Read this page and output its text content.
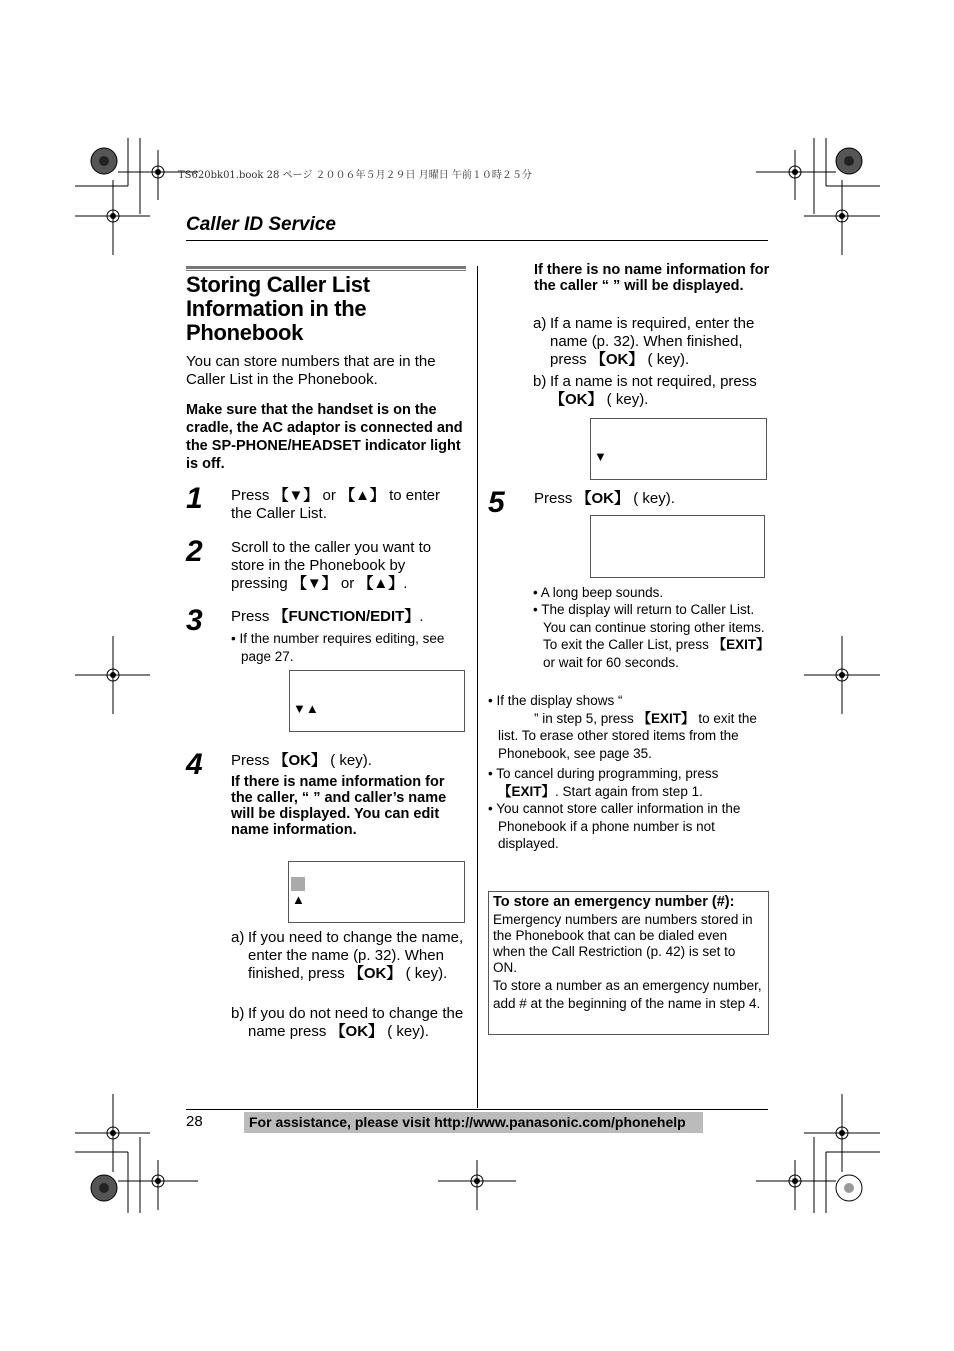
TS620bk01.book 28 ページ ２００６年５月２９日 月曜日 午前１０時２５分
Caller ID Service
Storing Caller List Information in the Phonebook
You can store numbers that are in the Caller List in the Phonebook.
Make sure that the handset is on the cradle, the AC adaptor is connected and the SP-PHONE/HEADSET indicator light is off.
1 Press 【▼】 or 【▲】 to enter the Caller List.
2 Scroll to the caller you want to store in the Phonebook by pressing 【▼】 or 【▲】.
3 Press 【FUNCTION/EDIT】.
• If the number requires editing, see page 27.
▼▲
4 Press 【OK】 ( key).
If there is name information for the caller, “ ” and caller’s name will be displayed. You can edit name information.
▲
a) If you need to change the name, enter the name (p. 32). When finished, press 【OK】 ( key).
b) If you do not need to change the name press 【OK】 ( key).
If there is no name information for the caller “ ” will be displayed.
a) If a name is required, enter the name (p. 32). When finished, press 【OK】 ( key).
b) If a name is not required, press 【OK】 ( key).
▼
5 Press 【OK】 ( key).
• A long beep sounds.
• The display will return to Caller List. You can continue storing other items. To exit the Caller List, press 【EXIT】 or wait for 60 seconds.
• If the display shows “
” in step 5, press 【EXIT】 to exit the list. To erase other stored items from the Phonebook, see page 35.
• To cancel during programming, press 【EXIT】. Start again from step 1.
• You cannot store caller information in the Phonebook if a phone number is not displayed.
To store an emergency number (#):
Emergency numbers are numbers stored in the Phonebook that can be dialed even when the Call Restriction (p. 42) is set to ON.
To store a number as an emergency number, add # at the beginning of the name in step 4.
28	For assistance, please visit http://www.panasonic.com/phonehelp
